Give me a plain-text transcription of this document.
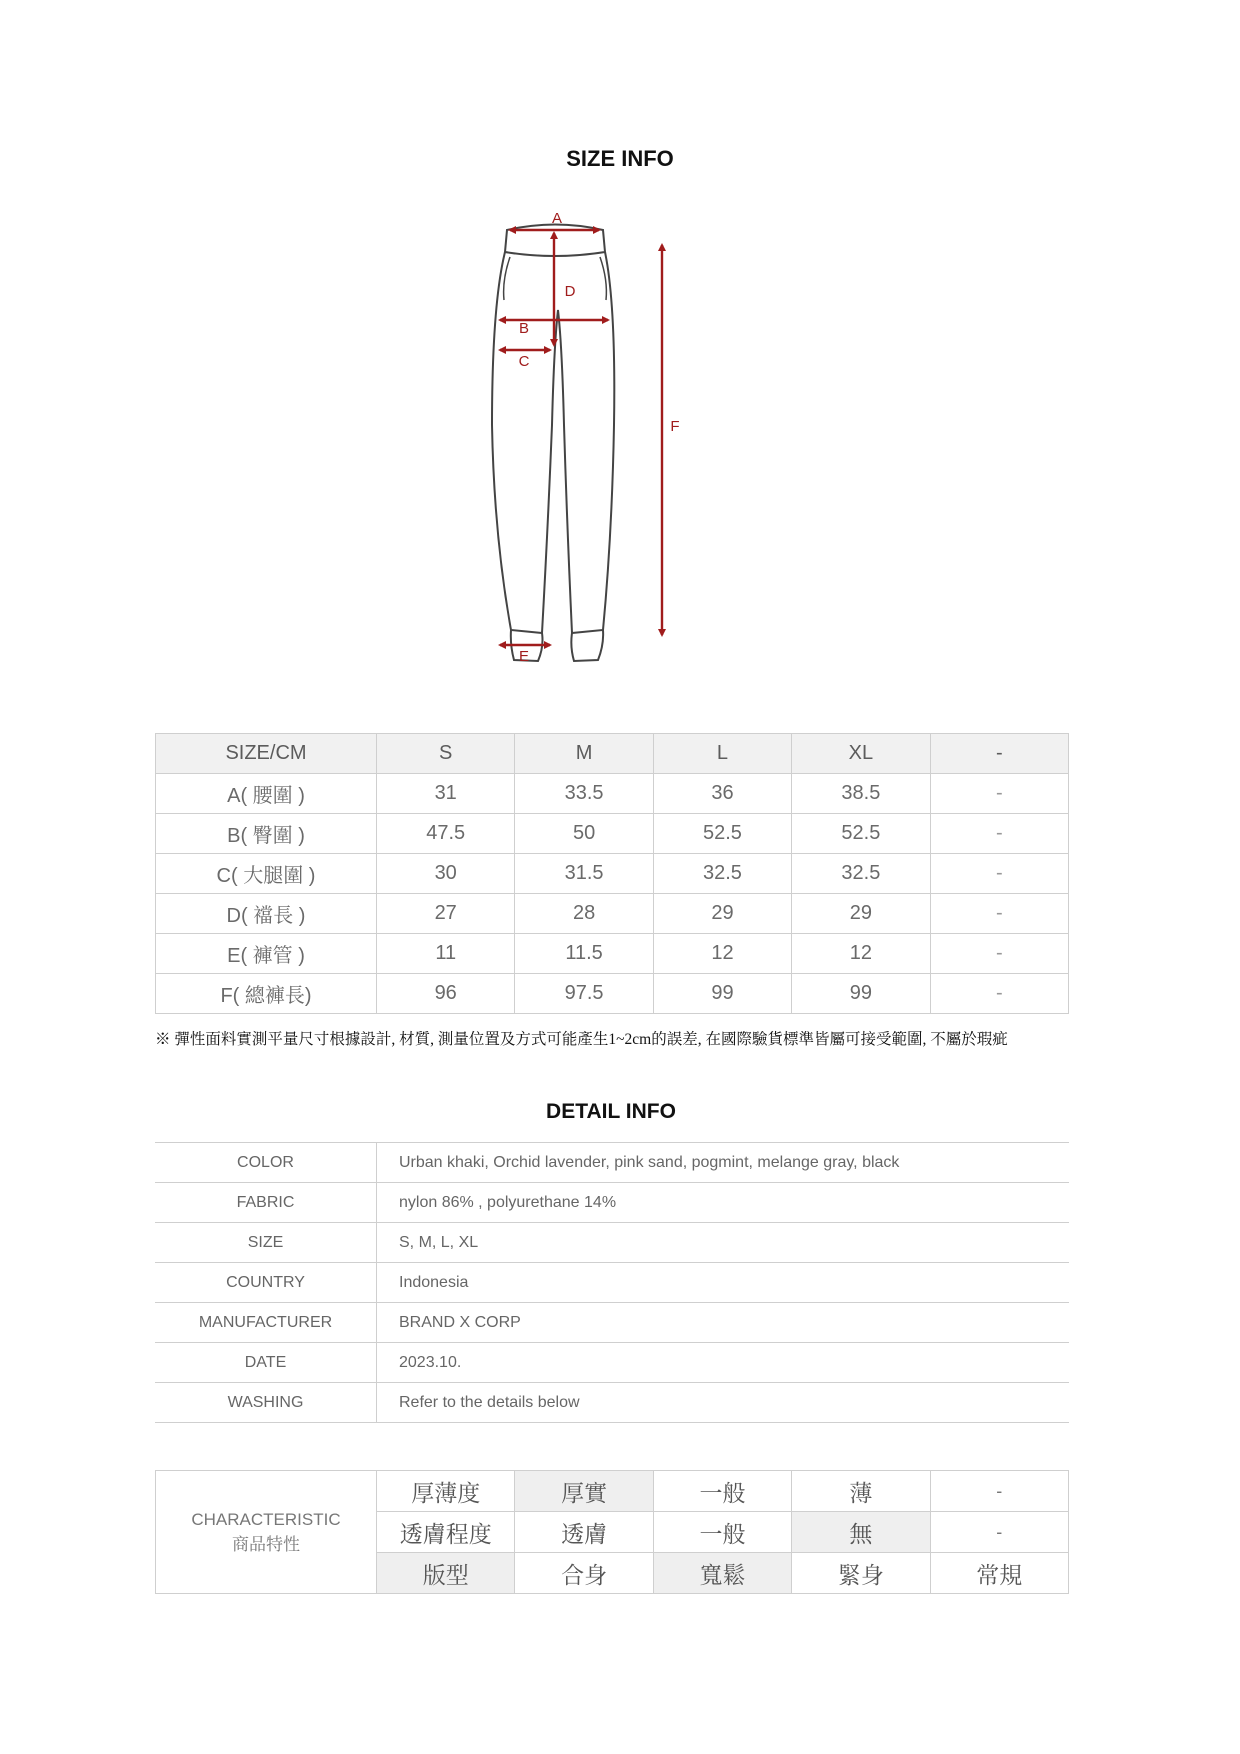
SIZE INFO
A
D
B
C
E
F
SIZE/CM	S	M	L	XL	-
A( 腰圍 )	31	33.5	36	38.5	-
B( 臀圍 )	47.5	50	52.5	52.5	-
C( 大腿圍 )	30	31.5	32.5	32.5	-
D( 襠長 )	27	28	29	29	-
E( 褲管 )	11	11.5	12	12	-
F( 總褲長)	96	97.5	99	99	-
※ 彈性面料實測平量尺寸根據設計, 材質, 測量位置及方式可能產生1~2cm的誤差, 在國際驗貨標準皆屬可接受範圍, 不屬於瑕疵
DETAIL INFO
COLOR	Urban khaki, Orchid lavender, pink sand, pogmint, melange gray, black
FABRIC	nylon 86% , polyurethane 14%
SIZE	S, M, L, XL
COUNTRY	Indonesia
MANUFACTURER	BRAND X CORP
DATE	2023.10.
WASHING	Refer to the details below
CHARACTERISTIC
商品特性	厚薄度	厚實	一般	薄	-
	透膚程度	透膚	一般	無	-
	版型	合身	寬鬆	緊身	常規
